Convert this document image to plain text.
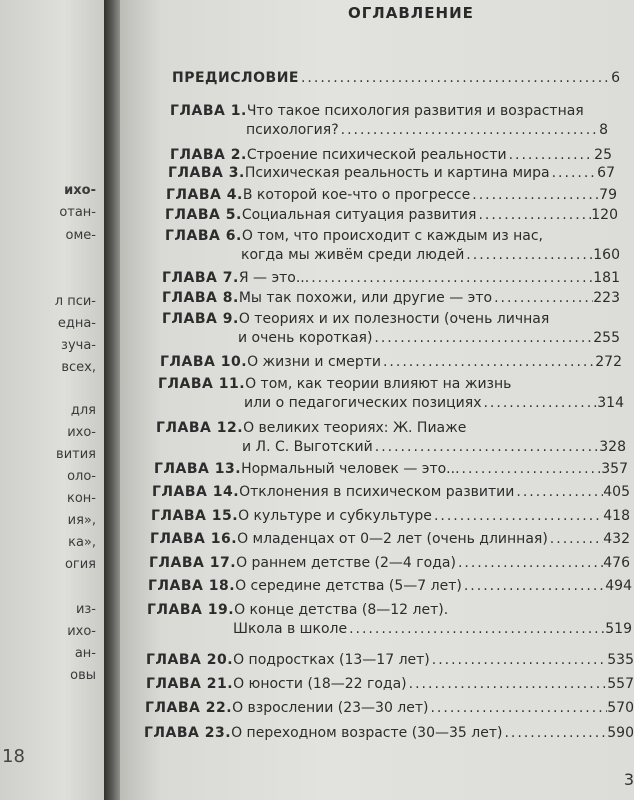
18
ихо-
отан-
оме-
л пси-
една-
зуча-
всех,
для
ихо-
вития
оло-
кон-
ия»,
ка»,
огия
из-
ихо-
ан-
овы
ОГЛАВЛЕНИЕ
3
ПРЕДИСЛОВИЕ .....	6
ГЛАВА 1. Что такое психология развития и возрастная
психология? .....	8
ГЛАВА 2. Строение психической реальности .....	25
ГЛАВА 3. Психическая реальность и картина мира .....	67
ГЛАВА 4. В которой кое-что о прогрессе .....	79
ГЛАВА 5. Социальная ситуация развития .....	120
ГЛАВА 6. О том, что происходит с каждым из нас,
когда мы живём среди людей .....	160
ГЛАВА 7. Я — это... .....	181
ГЛАВА 8. Мы так похожи, или другие — это .....	223
ГЛАВА 9. О теориях и их полезности (очень личная
и очень короткая) .....	255
ГЛАВА 10. О жизни и смерти .....	272
ГЛАВА 11. О том, как теории влияют на жизнь
или о педагогических позициях .....	314
ГЛАВА 12. О великих теориях: Ж. Пиаже
и Л. С. Выготский .....	328
ГЛАВА 13. Нормальный человек — это... .....	357
ГЛАВА 14. Отклонения в психическом развитии .....	405
ГЛАВА 15. О культуре и субкультуре .....	418
ГЛАВА 16. О младенцах от 0—2 лет (очень длинная) .....	432
ГЛАВА 17. О раннем детстве (2—4 года) .....	476
ГЛАВА 18. О середине детства (5—7 лет) .....	494
ГЛАВА 19. О конце детства (8—12 лет).
Школа в школе .....	519
ГЛАВА 20. О подростках (13—17 лет) .....	535
ГЛАВА 21. О юности (18—22 года) .....	557
ГЛАВА 22. О взрослении (23—30 лет) .....	570
ГЛАВА 23. О переходном возрасте (30—35 лет) .....	590
